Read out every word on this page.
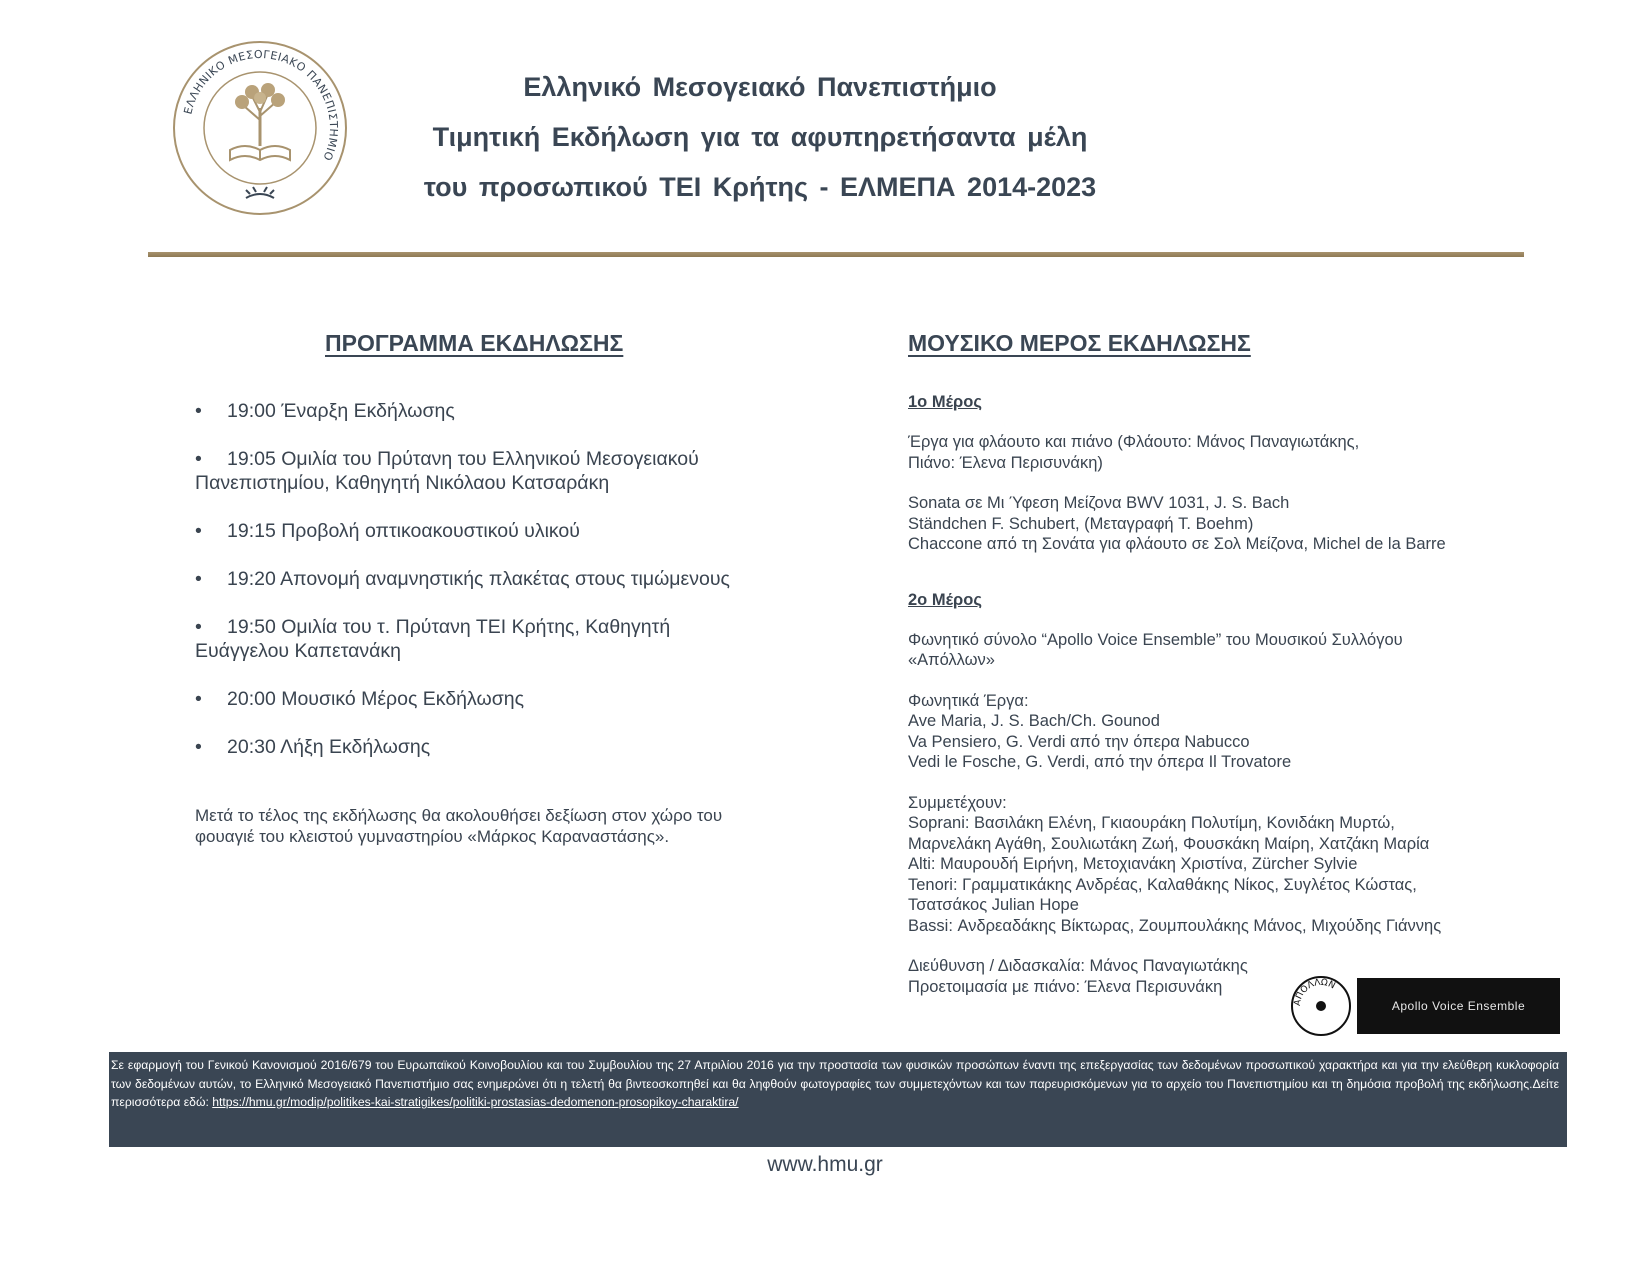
ΕΛΛΗΝΙΚΟ ΜΕΣΟΓΕΙΑΚΟ ΠΑΝΕΠΙΣΤΗΜΙΟ
Ελληνικό Μεσογειακό Πανεπιστήμιο
Τιμητική Εκδήλωση για τα αφυπηρετήσαντα μέλη
του προσωπικού ΤΕΙ Κρήτης - ΕΛΜΕΠΑ 2014-2023
ΠΡΟΓΡΑΜΜΑ ΕΚΔΗΛΩΣΗΣ
• 19:00 Έναρξη Εκδήλωσης
• 19:05 Ομιλία του Πρύτανη του Ελληνικού Μεσογειακού
Πανεπιστημίου, Καθηγητή Νικόλαου Κατσαράκη
• 19:15 Προβολή οπτικοακουστικού υλικού
• 19:20 Απονομή αναμνηστικής πλακέτας στους τιμώμενους
• 19:50 Ομιλία του τ. Πρύτανη ΤΕΙ Κρήτης, Καθηγητή
Ευάγγελου Καπετανάκη
• 20:00 Μουσικό Μέρος Εκδήλωσης
• 20:30 Λήξη Εκδήλωσης
Μετά το τέλος της εκδήλωσης θα ακολουθήσει δεξίωση στον χώρο του
φουαγιέ του κλειστού γυμναστηρίου «Μάρκος Καραναστάσης».
ΜΟΥΣΙΚΟ ΜΕΡΟΣ ΕΚΔΗΛΩΣΗΣ
1ο Μέρος
Έργα για φλάουτο και πιάνο (Φλάουτο: Μάνος Παναγιωτάκης,
Πιάνο: Έλενα Περισυνάκη)
Sonata σε Μι Ύφεση Μείζονα BWV 1031, J. S. Bach
Ständchen F. Schubert, (Μεταγραφή T. Boehm)
Chaccone από τη Σονάτα για φλάουτο σε Σολ Μείζονα, Michel de la Barre
2ο Μέρος
Φωνητικό σύνολο “Apollo Voice Ensemble” του Μουσικού Συλλόγου
«Απόλλων»
Φωνητικά Έργα:
Ave Maria, J. S. Bach/Ch. Gounod
Va Pensiero, G. Verdi από την όπερα Nabucco
Vedi le Fosche, G. Verdi, από την όπερα Il Trovatore
Συμμετέχουν:
Soprani: Βασιλάκη Ελένη, Γκιαουράκη Πολυτίμη, Κονιδάκη Μυρτώ,
Μαρνελάκη Αγάθη, Σουλιωτάκη Ζωή, Φουσκάκη Μαίρη, Χατζάκη Μαρία
Alti: Μαυρουδή Ειρήνη, Μετοχιανάκη Χριστίνα, Zürcher Sylvie
Tenori: Γραμματικάκης Ανδρέας, Καλαθάκης Νίκος, Συγλέτος Κώστας,
Τσατσάκος Julian Hope
Bassi: Ανδρεαδάκης Βίκτωρας, Ζουμπουλάκης Μάνος, Μιχούδης Γιάννης
Διεύθυνση / Διδασκαλία: Μάνος Παναγιωτάκης
Προετοιμασία με πιάνο: Έλενα Περισυνάκη
ΑΠΟΛΛΩΝ
Apollo Voice Ensemble
Σε εφαρμογή του Γενικού Κανονισμού 2016/679 του Ευρωπαϊκού Κοινοβουλίου και του Συμβουλίου της 27 Απριλίου 2016 για την προστασία των φυσικών προσώπων έναντι της επεξεργασίας των δεδομένων προσωπικού χαρακτήρα και για την ελεύθερη κυκλοφορία των δεδομένων αυτών, το Ελληνικό Μεσογειακό Πανεπιστήμιο σας ενημερώνει ότι η τελετή θα βιντεοσκοπηθεί και θα ληφθούν φωτογραφίες των συμμετεχόντων και των παρευρισκόμενων για το αρχείο του Πανεπιστημίου και τη δημόσια προβολή της εκδήλωσης.Δείτε περισσότερα εδώ: https://hmu.gr/modip/politikes-kai-stratigikes/politiki-prostasias-dedomenon-prosopikoy-charaktira/
www.hmu.gr
